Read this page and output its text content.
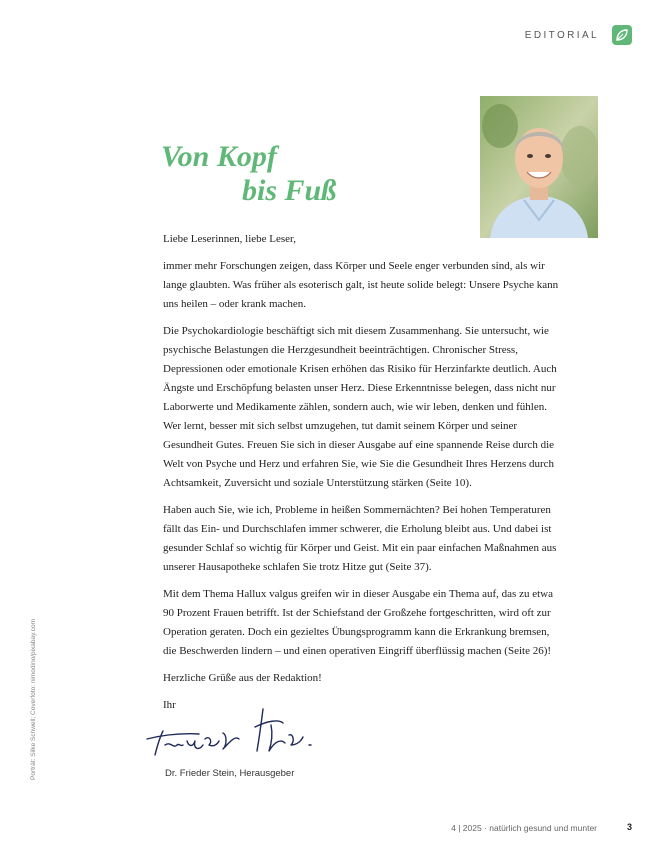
EDITORIAL
Von Kopf
bis Fuß

Liebe Leserinnen, liebe Leser,

immer mehr Forschungen zeigen, dass Körper und Seele enger verbunden sind, als wir lange glaubten. Was früher als esoterisch galt, ist heute solide belegt: Unsere Psyche kann uns heilen – oder krank machen.

Die Psychokardiologie beschäftigt sich mit diesem Zusammenhang. Sie untersucht, wie psychische Belastungen die Herzgesundheit beeinträchtigen. Chronischer Stress, Depressionen oder emotionale Krisen erhöhen das Risiko für Herzinfarkte deutlich. Auch Ängste und Erschöpfung belasten unser Herz. Diese Erkenntnisse belegen, dass nicht nur Laborwerte und Medikamente zählen, sondern auch, wie wir leben, denken und fühlen. Wer lernt, besser mit sich selbst umzugehen, tut damit seinem Körper und seiner Gesundheit Gutes. Freuen Sie sich in dieser Ausgabe auf eine spannende Reise durch die Welt von Psyche und Herz und erfahren Sie, wie Sie die Gesundheit Ihres Herzens durch Achtsamkeit, Zuversicht und soziale Unterstützung stärken (Seite 10).

Haben auch Sie, wie ich, Probleme in heißen Sommernächten? Bei hohen Temperaturen fällt das Ein- und Durchschlafen immer schwerer, die Erholung bleibt aus. Und dabei ist gesunder Schlaf so wichtig für Körper und Geist. Mit ein paar einfachen Maßnahmen aus unserer Hausapotheke schlafen Sie trotz Hitze gut (Seite 37).

Mit dem Thema Hallux valgus greifen wir in dieser Ausgabe ein Thema auf, das zu etwa 90 Prozent Frauen betrifft. Ist der Schiefstand der Großzehe fortgeschritten, wird oft zur Operation geraten. Doch ein gezieltes Übungsprogramm kann die Erkrankung bremsen, die Beschwerden lindern – und einen operativen Eingriff überflüssig machen (Seite 26)!

Herzliche Grüße aus der Redaktion!

Ihr

Dr. Frieder Stein, Herausgeber
Porträt: Silke Schwell; Coverfoto: nimodino/pixabay.com
4 | 2025 · natürlich gesund und munter	3
